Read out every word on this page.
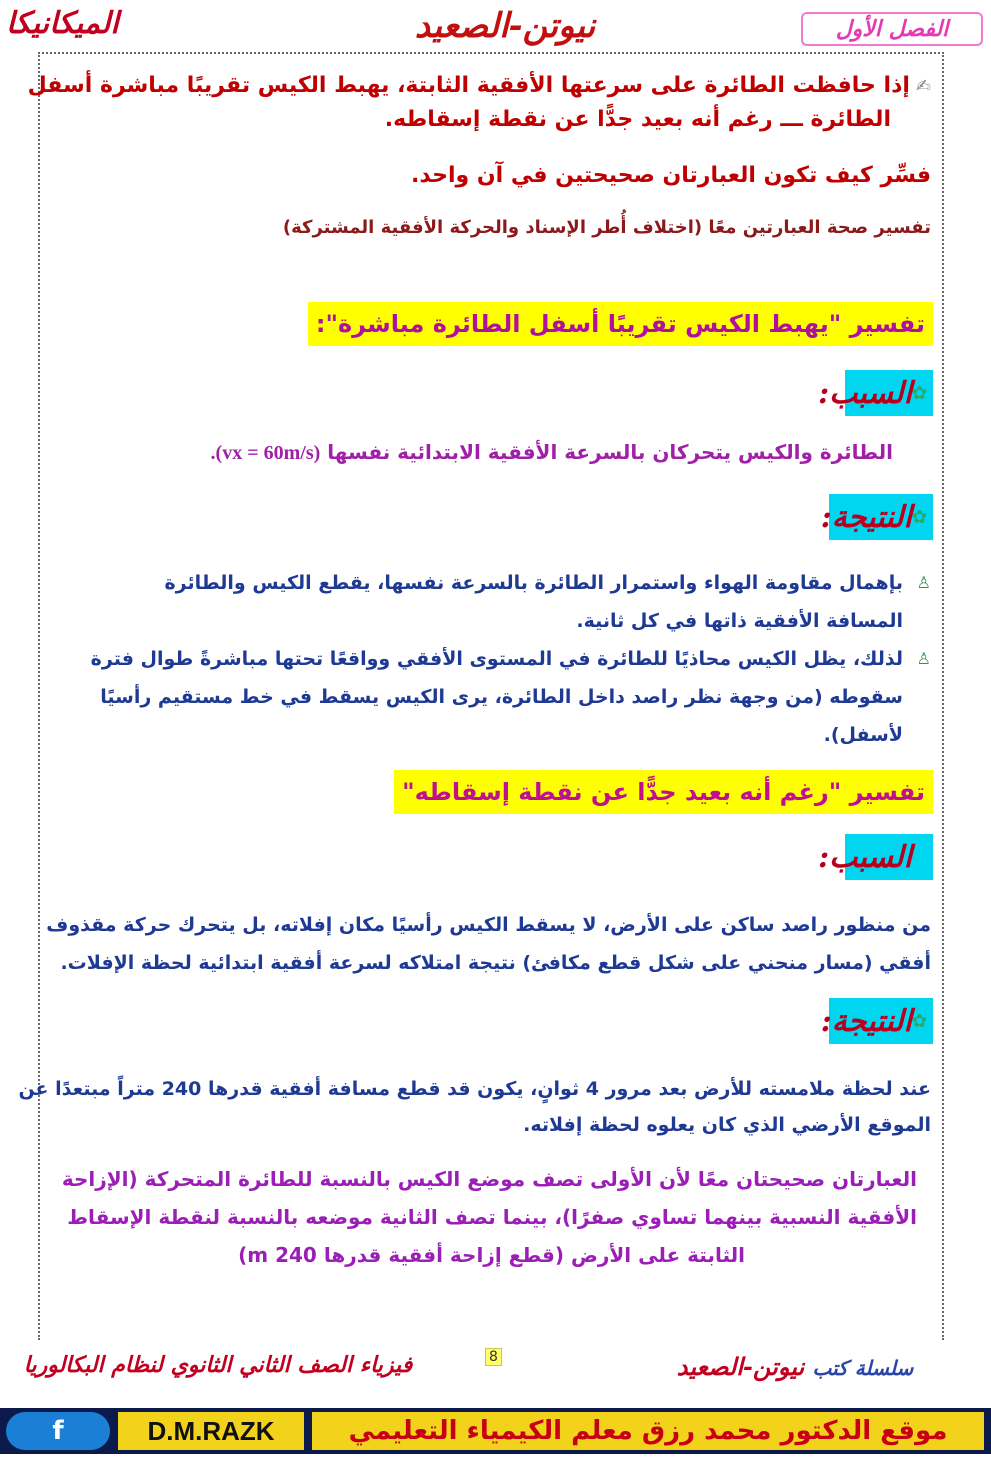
الميكانيكا	نيوتن-الصعيد	الفصل الأول
✍إذا حافظت الطائرة على سرعتها الأفقية الثابتة، يهبط الكيس تقريبًا مباشرة أسفل
الطائرة ـــ رغم أنه بعيد جدًّا عن نقطة إسقاطه.
فسِّر كيف تكون العبارتان صحيحتين في آن واحد.
تفسير صحة العبارتين معًا (اختلاف أُطر الإسناد والحركة الأفقية المشتركة)
تفسير "يهبط الكيس تقريبًا أسفل الطائرة مباشرة":
✿
السبب:
الطائرة والكيس يتحركان بالسرعة الأفقية الابتدائية نفسها (vx = 60m/s).
✿
النتيجة:
♙
بإهمال مقاومة الهواء واستمرار الطائرة بالسرعة نفسها، يقطع الكيس والطائرة
المسافة الأفقية ذاتها في كل ثانية.
♙
لذلك، يظل الكيس محاذيًا للطائرة في المستوى الأفقي وواقعًا تحتها مباشرةً طوال فترة
سقوطه (من وجهة نظر راصد داخل الطائرة، يرى الكيس يسقط في خط مستقيم رأسيًا
لأسفل).
تفسير "رغم أنه بعيد جدًّا عن نقطة إسقاطه"
السبب:
من منظور راصد ساكن على الأرض، لا يسقط الكيس رأسيًا مكان إفلاته، بل يتحرك حركة مقذوف
أفقي (مسار منحني على شكل قطع مكافئ) نتيجة امتلاكه لسرعة أفقية ابتدائية لحظة الإفلات.
✿
النتيجة:
عند لحظة ملامسته للأرض بعد مرور 4 ثوانٍ، يكون قد قطع مسافة أفقية قدرها 240 متراً مبتعدًا عن
الموقع الأرضي الذي كان يعلوه لحظة إفلاته.
العبارتان صحيحتان معًا لأن الأولى تصف موضع الكيس بالنسبة للطائرة المتحركة (الإزاحة
الأفقية النسبية بينهما تساوي صفرًا)، بينما تصف الثانية موضعه بالنسبة لنقطة الإسقاط
الثابتة على الأرض (قطع إزاحة أفقية قدرها m 240)
8
فيزياء الصف الثاني الثانوي لنظام البكالوريا	سلسلة كتب نيوتن-الصعيد
f	D.M.RAZK	موقع الدكتور محمد رزق معلم الكيمياء التعليمي
